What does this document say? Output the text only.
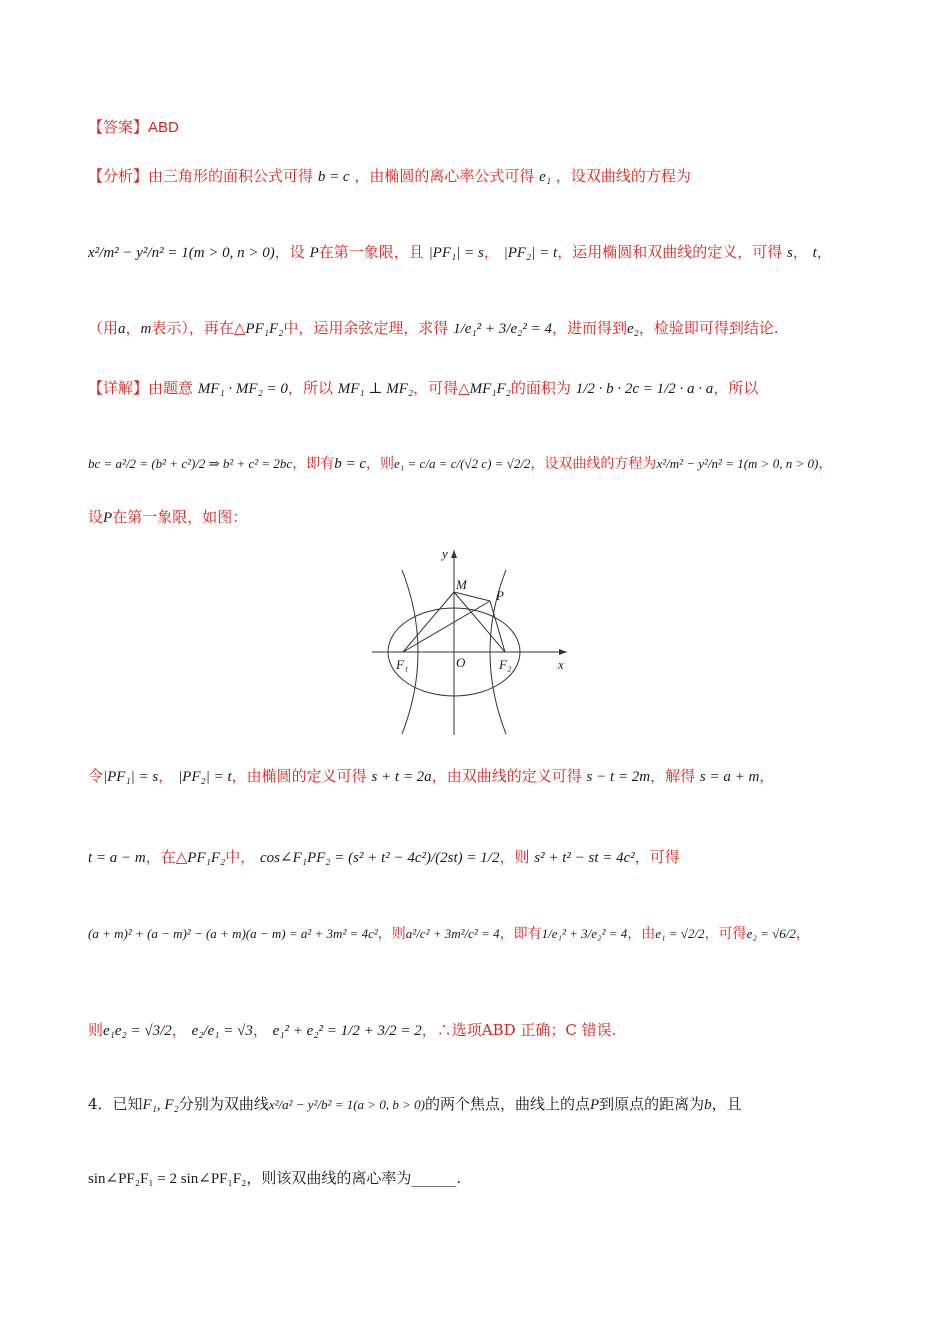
【答案】ABD
【分析】由三角形的面积公式可得 b = c ，由椭圆的离心率公式可得 e₁ ，设双曲线的方程为
x²/m² − y²/n² = 1(m > 0, n > 0)，设 P在第一象限，且 |PF₁| = s， |PF₂| = t，运用椭圆和双曲线的定义，可得 s， t，
（用a，m表示），再在△PF₁F₂中，运用余弦定理，求得 1/e₁² + 3/e₂² = 4，进而得到e₂，检验即可得到结论.
【详解】由题意 MF₁ · MF₂ = 0，所以 MF₁ ⊥ MF₂，可得△MF₁F₂的面积为 1/2 · b · 2c = 1/2 · a · a，所以
bc = a²/2 = (b² + c²)/2 ⇒ b² + c² = 2bc，即有b = c，则e₁ = c/a = c/(√2 c) = √2/2，设双曲线的方程为x²/m² − y²/n² = 1(m > 0, n > 0)，
设P在第一象限，如图：
y
x
M
P
F₁	O	F₂
令|PF₁| = s， |PF₂| = t，由椭圆的定义可得 s + t = 2a，由双曲线的定义可得 s − t = 2m，解得 s = a + m，
t = a − m，在△PF₁F₂中， cos∠F₁PF₂ = (s² + t² − 4c²)/(2st) = 1/2，则 s² + t² − st = 4c²，可得
(a + m)² + (a − m)² − (a + m)(a − m) = a² + 3m² = 4c²，则a²/c² + 3m²/c² = 4，即有1/e₁² + 3/e₂² = 4，由e₁ = √2/2，可得e₂ = √6/2，
则e₁e₂ = √3/2， e₂/e₁ = √3， e₁² + e₂² = 1/2 + 3/2 = 2，∴选项ABD 正确；C 错误.
4．已知F₁, F₂分别为双曲线x²/a² − y²/b² = 1(a > 0, b > 0)的两个焦点，曲线上的点P到原点的距离为b，且
sin∠PF₂F₁ = 2 sin∠PF₁F₂，则该双曲线的离心率为______.
